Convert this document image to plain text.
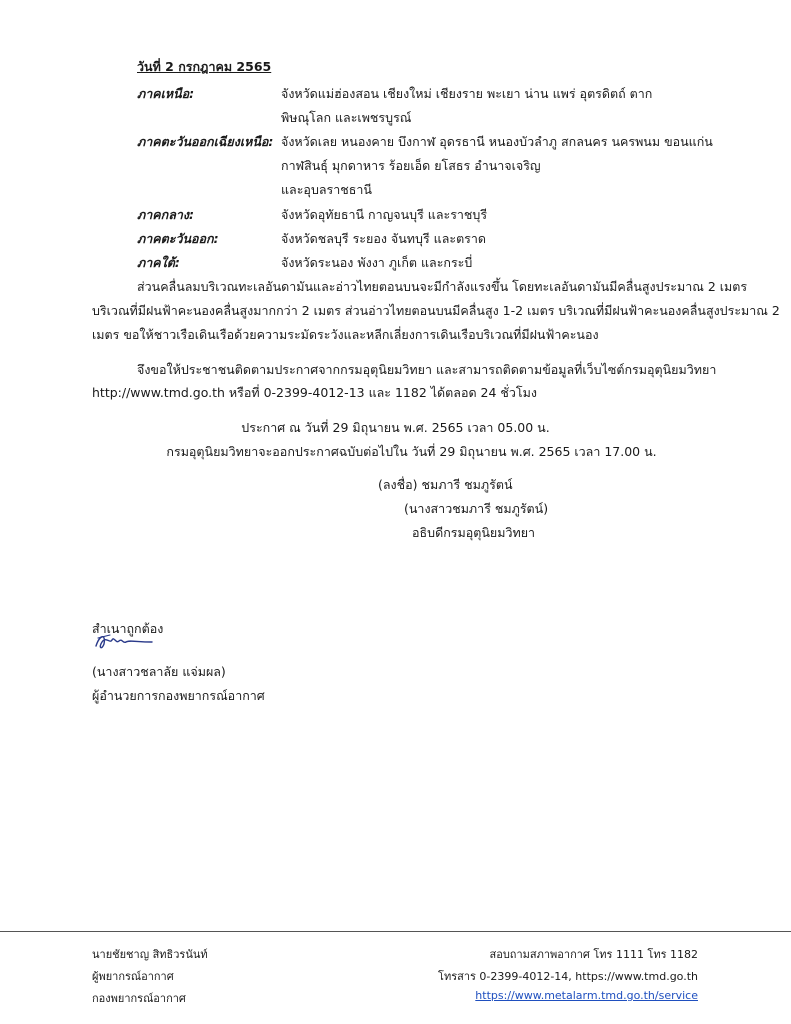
วันที่ 2 กรกฎาคม 2565
ภาคเหนือ:	จังหวัดแม่ฮ่องสอน เชียงใหม่ เชียงราย พะเยา น่าน แพร่ อุตรดิตถ์ ตาก
พิษณุโลก และเพชรบูรณ์
ภาคตะวันออกเฉียงเหนือ: จังหวัดเลย หนองคาย บึงกาฬ อุดรธานี หนองบัวลำภู สกลนคร นครพนม ขอนแก่น
กาฬสินธุ์ มุกดาหาร ร้อยเอ็ด ยโสธร อำนาจเจริญ
และอุบลราชธานี
ภาคกลาง:	จังหวัดอุทัยธานี กาญจนบุรี และราชบุรี
ภาคตะวันออก:	จังหวัดชลบุรี ระยอง จันทบุรี และตราด
ภาคใต้:	จังหวัดระนอง พังงา ภูเก็ต และกระบี่
ส่วนคลื่นลมบริเวณทะเลอันดามันและอ่าวไทยตอนบนจะมีกำลังแรงขึ้น โดยทะเลอันดามันมีคลื่นสูงประมาณ 2 เมตร
บริเวณที่มีฝนฟ้าคะนองคลื่นสูงมากกว่า 2 เมตร ส่วนอ่าวไทยตอนบนมีคลื่นสูง 1-2 เมตร บริเวณที่มีฝนฟ้าคะนองคลื่นสูงประมาณ 2
เมตร ขอให้ชาวเรือเดินเรือด้วยความระมัดระวังและหลีกเลี่ยงการเดินเรือบริเวณที่มีฝนฟ้าคะนอง
จึงขอให้ประชาชนติดตามประกาศจากกรมอุตุนิยมวิทยา และสามารถติดตามข้อมูลที่เว็บไซต์กรมอุตุนิยมวิทยา
http://www.tmd.go.th หรือที่ 0-2399-4012-13 และ 1182 ได้ตลอด 24 ชั่วโมง
ประกาศ ณ วันที่ 29 มิถุนายน พ.ศ. 2565 เวลา 05.00 น.
กรมอุตุนิยมวิทยาจะออกประกาศฉบับต่อไปใน วันที่ 29 มิถุนายน พ.ศ. 2565 เวลา 17.00 น.
(ลงชื่อ) ชมภารี ชมภูรัตน์
(นางสาวชมภารี ชมภูรัตน์)
อธิบดีกรมอุตุนิยมวิทยา
สำเนาถูกต้อง
(นางสาวชลาลัย แจ่มผล)
ผู้อำนวยการกองพยากรณ์อากาศ
นายชัยชาญ สิทธิวรนันท์
ผู้พยากรณ์อากาศ
กองพยากรณ์อากาศ
สอบถามสภาพอากาศ โทร 1111 โทร 1182
โทรสาร 0-2399-4012-14, https://www.tmd.go.th
https://www.metalarm.tmd.go.th/service
